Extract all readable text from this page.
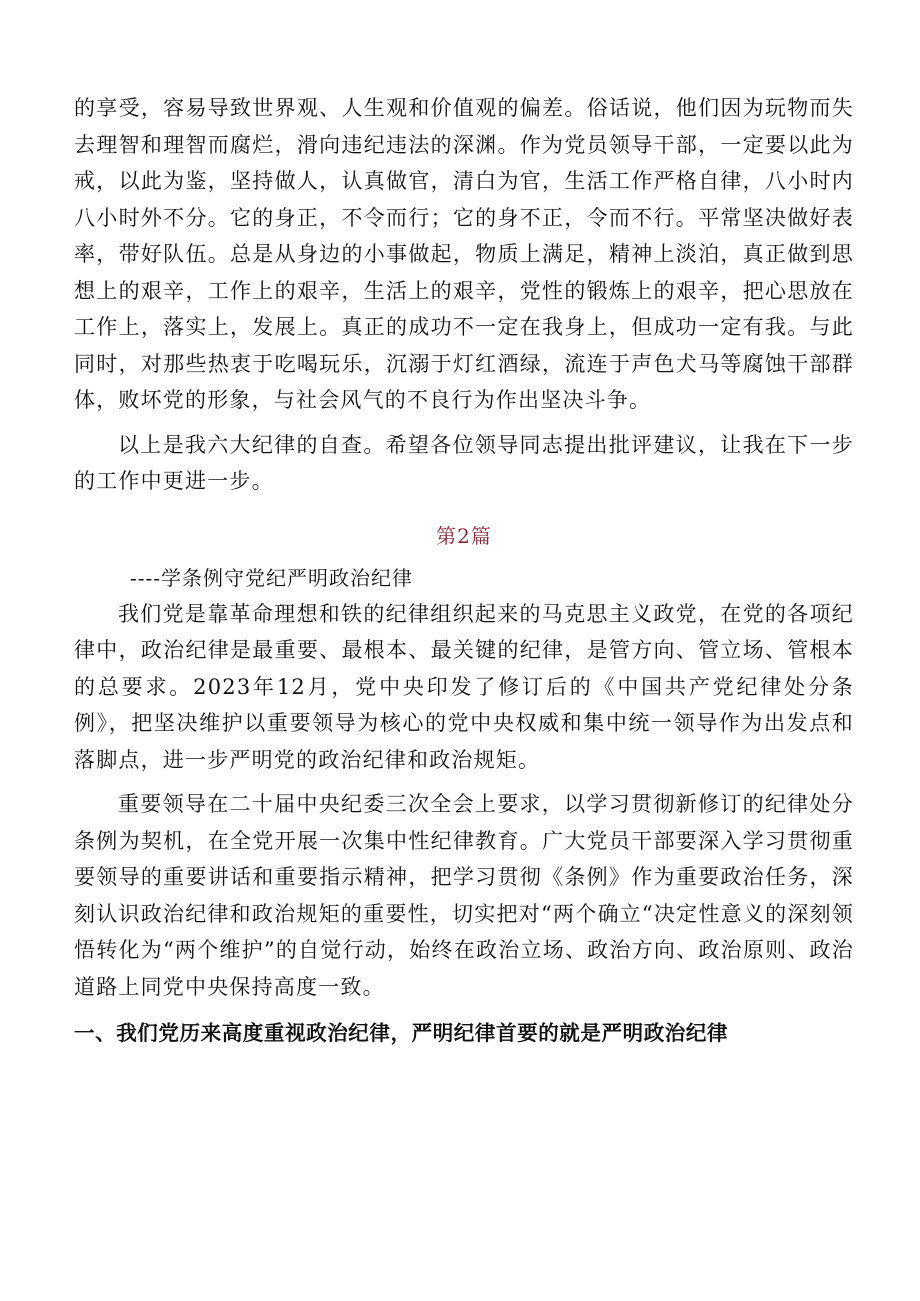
的享受，容易导致世界观、人生观和价值观的偏差。俗话说，他们因为玩物而失去理智和理智而腐烂，滑向违纪违法的深渊。作为党员领导干部，一定要以此为戒，以此为鉴，坚持做人，认真做官，清白为官，生活工作严格自律，八小时内八小时外不分。它的身正，不令而行；它的身不正，令而不行。平常坚决做好表率，带好队伍。总是从身边的小事做起，物质上满足，精神上淡泊，真正做到思想上的艰辛，工作上的艰辛，生活上的艰辛，党性的锻炼上的艰辛，把心思放在工作上，落实上，发展上。真正的成功不一定在我身上，但成功一定有我。与此同时，对那些热衷于吃喝玩乐，沉溺于灯红酒绿，流连于声色犬马等腐蚀干部群体，败坏党的形象，与社会风气的不良行为作出坚决斗争。

以上是我六大纪律的自查。希望各位领导同志提出批评建议，让我在下一步的工作中更进一步。

第2篇

----学条例守党纪严明政治纪律

我们党是靠革命理想和铁的纪律组织起来的马克思主义政党，在党的各项纪律中，政治纪律是最重要、最根本、最关键的纪律，是管方向、管立场、管根本的总要求。2023年12月，党中央印发了修订后的《中国共产党纪律处分条例》，把坚决维护以重要领导为核心的党中央权威和集中统一领导作为出发点和落脚点，进一步严明党的政治纪律和政治规矩。

重要领导在二十届中央纪委三次全会上要求，以学习贯彻新修订的纪律处分条例为契机，在全党开展一次集中性纪律教育。广大党员干部要深入学习贯彻重要领导的重要讲话和重要指示精神，把学习贯彻《条例》作为重要政治任务，深刻认识政治纪律和政治规矩的重要性，切实把对“两个确立“决定性意义的深刻领悟转化为“两个维护”的自觉行动，始终在政治立场、政治方向、政治原则、政治道路上同党中央保持高度一致。

一、我们党历来高度重视政治纪律，严明纪律首要的就是严明政治纪律
